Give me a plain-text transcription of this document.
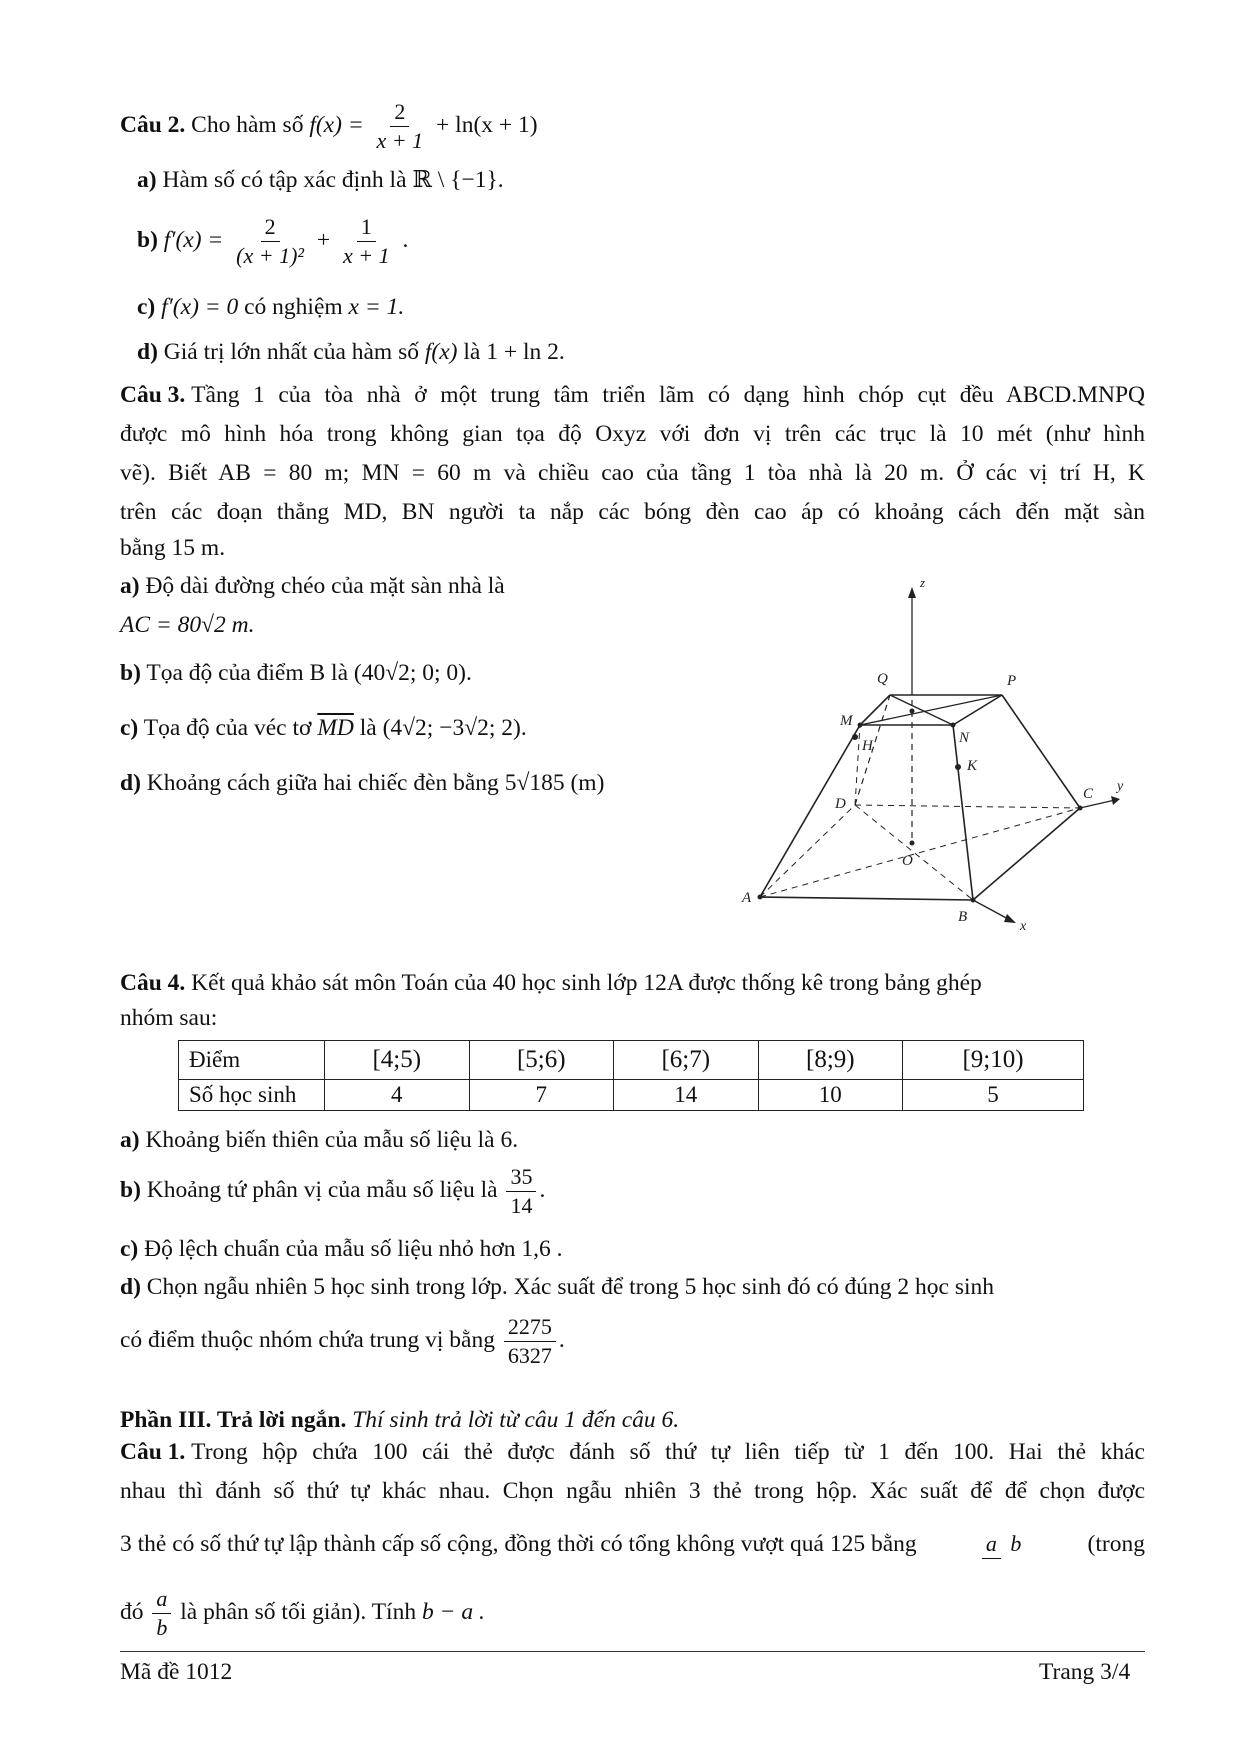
Câu 2. Cho hàm số $f(x) = \frac{2}{x + 1} + \ln(x + 1)$
a) Hàm số có tập xác định là ℝ \ {−1}.
b) $f'(x) = \frac{2}{\text{(x + 1)²}} + \frac{1}{x + 1}$ .
c) f′(x) = 0 có nghiệm x = 1.
d) Giá trị lớn nhất của hàm số f(x) là 1 + ln 2.
Câu 3. Tầng 1 của tòa nhà ở một trung tâm triển lãm có dạng hình chóp cụt đều ABCD.MNPQ
được mô hình hóa trong không gian tọa độ Oxyz với đơn vị trên các trục là 10 mét (như hình
vẽ). Biết AB = 80 m; MN = 60 m và chiều cao của tầng 1 tòa nhà là 20 m. Ở các vị trí H, K
trên các đoạn thẳng MD, BN người ta nắp các bóng đèn cao áp có khoảng cách đến mặt sàn
bằng 15 m.
a) Độ dài đường chéo của mặt sàn nhà là
AC = 80√2 m.
b) Tọa độ của điểm B là (40√2; 0; 0).
c) Tọa độ của véc tơ $\overline{MD}$ là (4√2; −3√2; 2).
d) Khoảng cách giữa hai chiếc đèn bằng 5√185 (m)
z
y
x
Q	P
M
N
H
K
D
C
O
A
B
Câu 4. Kết quả khảo sát môn Toán của 40 học sinh lớp 12A được thống kê trong bảng ghép
nhóm sau:
Điểm	[4;5)	[5;6)	[6;7)	[8;9)	[9;10)
Số học sinh	4	7	14	10	5
a) Khoảng biến thiên của mẫu số liệu là 6.
b) Khoảng tứ phân vị của mẫu số liệu là $\frac{35}{14}$ .
c) Độ lệch chuẩn của mẫu số liệu nhỏ hơn 1,6 .
d) Chọn ngẫu nhiên 5 học sinh trong lớp. Xác suất để trong 5 học sinh đó có đúng 2 học sinh
có điểm thuộc nhóm chứa trung vị bằng $\frac{2275}{6327}$ .
Phần III. Trả lời ngắn. Thí sinh trả lời từ câu 1 đến câu 6.
Câu 1. Trong hộp chứa 100 cái thẻ được đánh số thứ tự liên tiếp từ 1 đến 100. Hai thẻ khác
nhau thì đánh số thứ tự khác nhau. Chọn ngẫu nhiên 3 thẻ trong hộp. Xác suất để để chọn được
3 thẻ có số thứ tự lập thành cấp số cộng, đồng thời có tổng không vượt quá 125 bằng	a b	(trong
đó $\frac{a}{b}$ là phân số tối giản). Tính b − a .
Mã đề 1012	Trang 3/4
